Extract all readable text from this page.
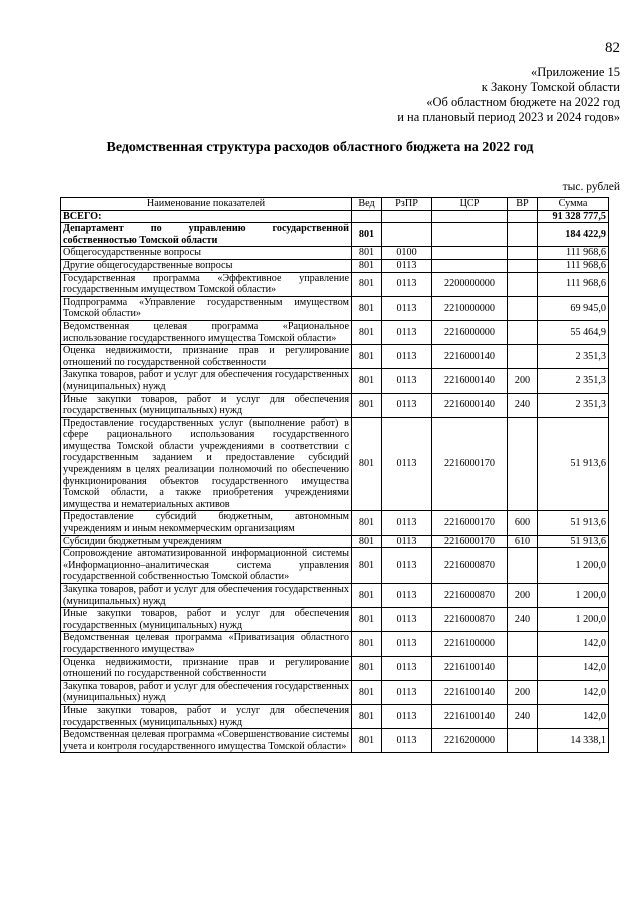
82
«Приложение 15
к Закону Томской области
«Об областном бюджете на 2022 год
и на плановый период 2023 и 2024 годов»
Ведомственная структура расходов областного бюджета на 2022 год
тыс. рублей
Наименование показателей	Вед	РзПР	ЦСР	ВР	Сумма
ВСЕГО:					91 328 777,5
Департамент по управлению государственной собственностью Томской области	801				184 422,9
Общегосударственные вопросы	801	0100			111 968,6
Другие общегосударственные вопросы	801	0113			111 968,6
Государственная программа «Эффективное управление государственным имуществом Томской области»	801	0113	2200000000		111 968,6
Подпрограмма «Управление государственным имуществом Томской области»	801	0113	2210000000		69 945,0
Ведомственная целевая программа «Рациональное использование государственного имущества Томской области»	801	0113	2216000000		55 464,9
Оценка недвижимости, признание прав и регулирование отношений по государственной собственности	801	0113	2216000140		2 351,3
Закупка товаров, работ и услуг для обеспечения государственных (муниципальных) нужд	801	0113	2216000140	200	2 351,3
Иные закупки товаров, работ и услуг для обеспечения государственных (муниципальных) нужд	801	0113	2216000140	240	2 351,3
Предоставление государственных услуг (выполнение работ) в сфере рационального использования государственного имущества Томской области учреждениями в соответствии с государственным заданием и предоставление субсидий учреждениям в целях реализации полномочий по обеспечению функционирования объектов государственного имущества Томской области, а также приобретения учреждениями имущества и нематериальных активов	801	0113	2216000170		51 913,6
Предоставление субсидий бюджетным, автономным учреждениям и иным некоммерческим организациям	801	0113	2216000170	600	51 913,6
Субсидии бюджетным учреждениям	801	0113	2216000170	610	51 913,6
Сопровождение автоматизированной информационной системы «Информационно–аналитическая система управления государственной собственностью Томской области»	801	0113	2216000870		1 200,0
Закупка товаров, работ и услуг для обеспечения государственных (муниципальных) нужд	801	0113	2216000870	200	1 200,0
Иные закупки товаров, работ и услуг для обеспечения государственных (муниципальных) нужд	801	0113	2216000870	240	1 200,0
Ведомственная целевая программа «Приватизация областного государственного имущества»	801	0113	2216100000		142,0
Оценка недвижимости, признание прав и регулирование отношений по государственной собственности	801	0113	2216100140		142,0
Закупка товаров, работ и услуг для обеспечения государственных (муниципальных) нужд	801	0113	2216100140	200	142,0
Иные закупки товаров, работ и услуг для обеспечения государственных (муниципальных) нужд	801	0113	2216100140	240	142,0
Ведомственная целевая программа «Совершенствование системы учета и контроля государственного имущества Томской области»	801	0113	2216200000		14 338,1
